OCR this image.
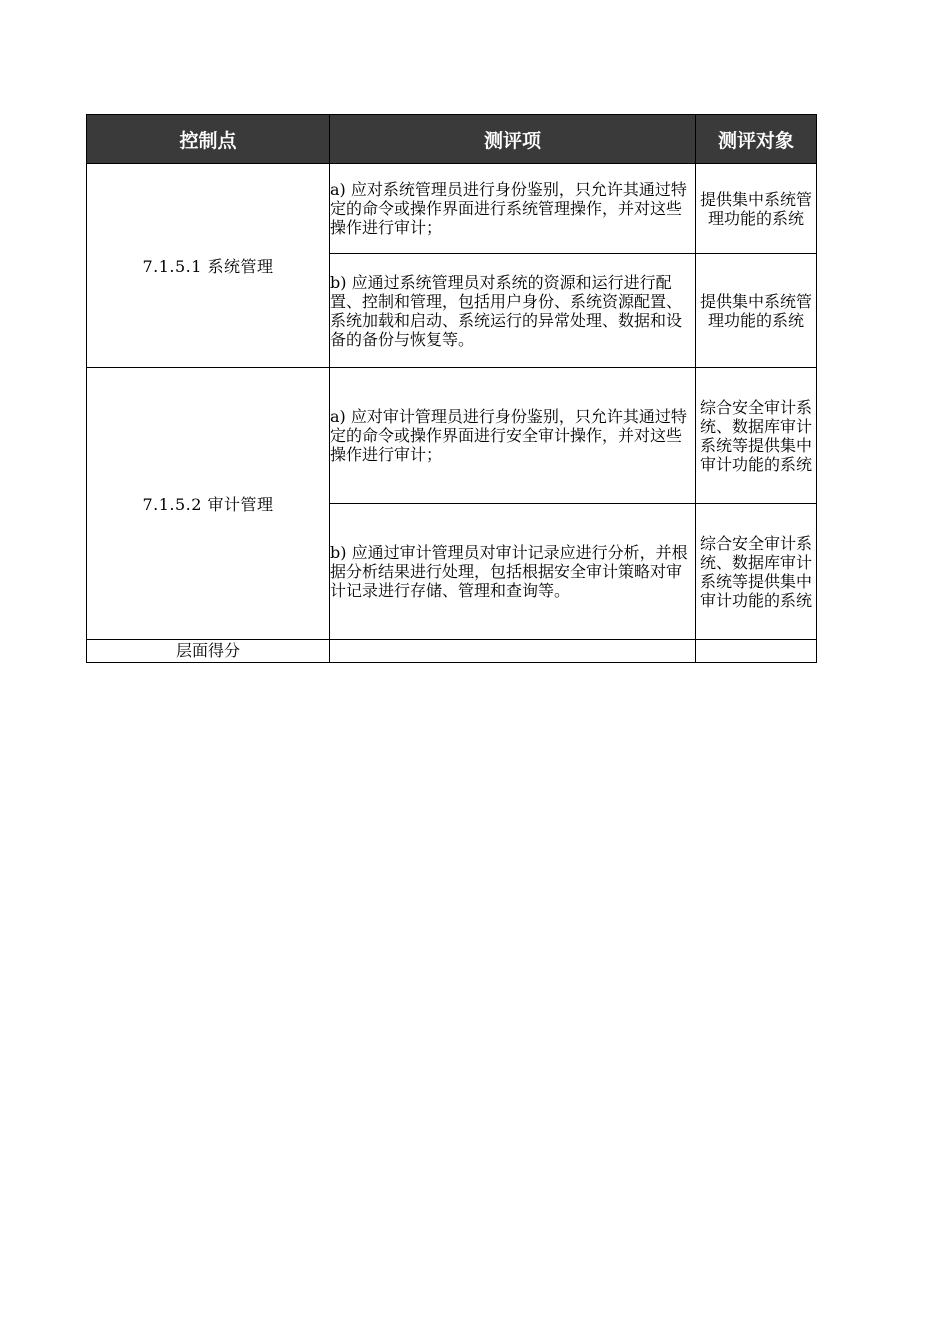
控制点	测评项	测评对象
7.1.5.1 系统管理	a) 应对系统管理员进行身份鉴别，只允许其通过特定的命令或操作界面进行系统管理操作，并对这些操作进行审计；	提供集中系统管理功能的系统

	b) 应通过系统管理员对系统的资源和运行进行配置、控制和管理，包括用户身份、系统资源配置、系统加载和启动、系统运行的异常处理、数据和设备的备份与恢复等。	提供集中系统管理功能的系统

7.1.5.2 审计管理	a) 应对审计管理员进行身份鉴别，只允许其通过特定的命令或操作界面进行安全审计操作，并对这些操作进行审计；	综合安全审计系统、数据库审计系统等提供集中审计功能的系统

	b) 应通过审计管理员对审计记录应进行分析，并根据分析结果进行处理，包括根据安全审计策略对审计记录进行存储、管理和查询等。	综合安全审计系统、数据库审计系统等提供集中审计功能的系统

层面得分		
